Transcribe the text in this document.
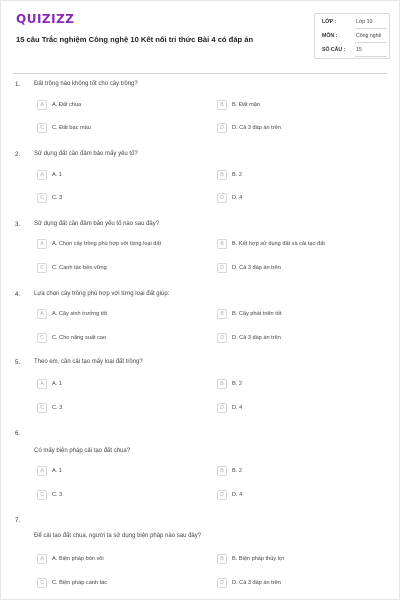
QUIZIZZ
15 câu Trắc nghiệm Công nghệ 10 Kết nối tri thức Bài 4 có đáp án
LỚP :	Lớp 10
MÔN :	Công nghệ
SỐ CÂU : 15
1. Đất trồng nào không tốt cho cây trồng?
A	A. Đất chua	B	B. Đất mặn
C	C. Đất bạc màu	D	D. Cả 3 đáp án trên
2. Sử dụng đất cần đảm bảo mấy yêu tố?
A	A. 1	B	B. 2
C	C. 3	D	D. 4
3. Sử dụng đất cần đảm bảo yếu tố nào sau đây?
A	A. Chọn cây trồng phù hợp với từng loại đất	B	B. Kết hợp sử dụng đất và cải tạo đất
C	C. Canh tác bền vững	D	D. Cả 3 đáp án trên
4. Lựa chọn cây trồng phù hợp với từng loại đất giúp:
A	A. Cây sinh trưởng tốt	B	B. Cây phát triển tốt
C	C. Cho năng suất cao	D	D. Cả 3 đáp án trên
5. Theo em, cần cải tạo mấy loại đất trồng?
A	A. 1	B	B. 2
C	C. 3	D	D. 4
6.
Có mấy biện pháp cải tạo đất chua?
A	A. 1	B	B. 2
C	C. 3	D	D. 4
7.
Để cải tạo đất chua, người ta sử dụng biện pháp nào sau đây?
A	A. Biện pháp bón vôi	B	B. Biện pháp thủy lợi
C	C. Biện pháp canh tác	D	D. Cả 3 đáp án trên
